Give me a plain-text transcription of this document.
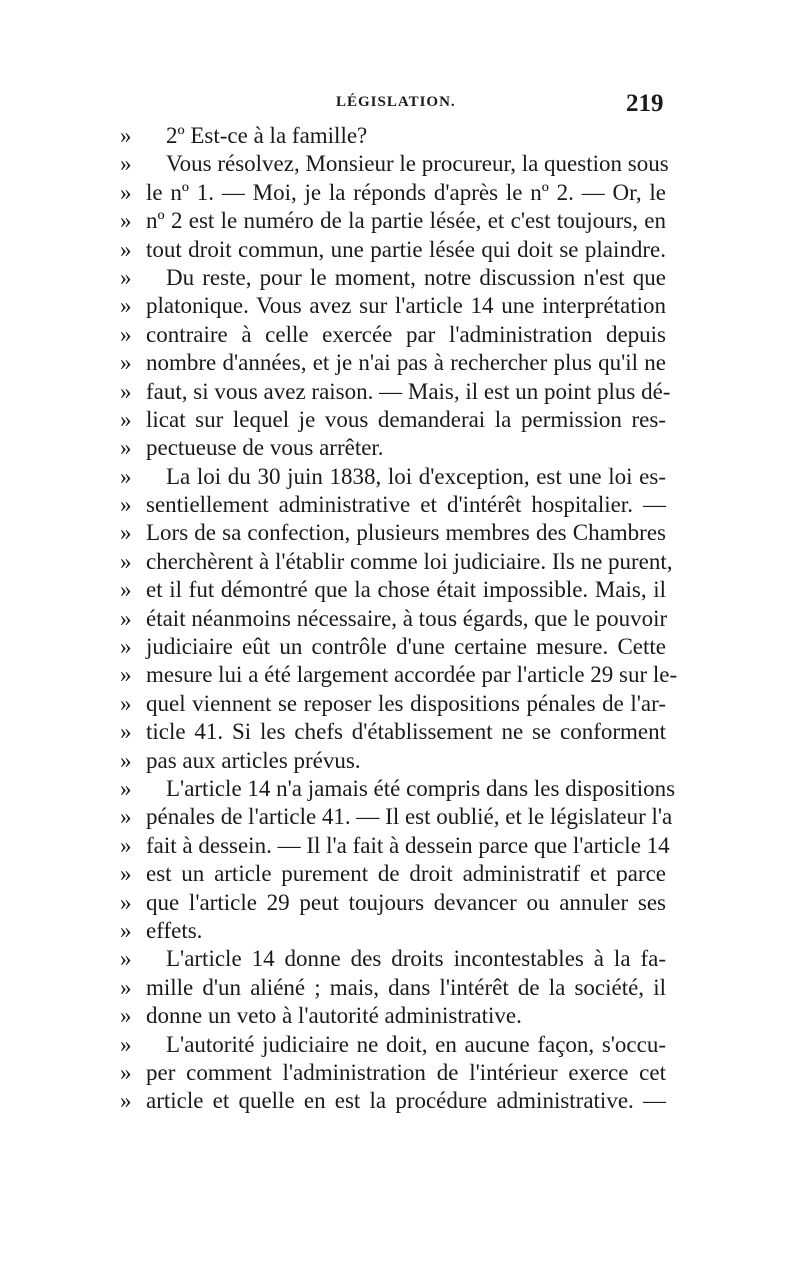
LÉGISLATION.	219
» 2º Est-ce à la famille?
» Vous résolvez, Monsieur le procureur, la question sous
» le nº 1. — Moi, je la réponds d'après le nº 2. — Or, le
» nº 2 est le numéro de la partie lésée, et c'est toujours, en
» tout droit commun, une partie lésée qui doit se plaindre.
» Du reste, pour le moment, notre discussion n'est que
» platonique. Vous avez sur l'article 14 une interprétation
» contraire à celle exercée par l'administration depuis
» nombre d'années, et je n'ai pas à rechercher plus qu'il ne
» faut, si vous avez raison. — Mais, il est un point plus dé-
» licat sur lequel je vous demanderai la permission res-
» pectueuse de vous arrêter.
» La loi du 30 juin 1838, loi d'exception, est une loi es-
» sentiellement administrative et d'intérêt hospitalier. —
» Lors de sa confection, plusieurs membres des Chambres
» cherchèrent à l'établir comme loi judiciaire. Ils ne purent,
» et il fut démontré que la chose était impossible. Mais, il
» était néanmoins nécessaire, à tous égards, que le pouvoir
» judiciaire eût un contrôle d'une certaine mesure. Cette
» mesure lui a été largement accordée par l'article 29 sur le-
» quel viennent se reposer les dispositions pénales de l'ar-
» ticle 41. Si les chefs d'établissement ne se conforment
» pas aux articles prévus.
» L'article 14 n'a jamais été compris dans les dispositions
» pénales de l'article 41. — Il est oublié, et le législateur l'a
» fait à dessein. — Il l'a fait à dessein parce que l'article 14
» est un article purement de droit administratif et parce
» que l'article 29 peut toujours devancer ou annuler ses
» effets.
» L'article 14 donne des droits incontestables à la fa-
» mille d'un aliéné ; mais, dans l'intérêt de la société, il
» donne un veto à l'autorité administrative.
» L'autorité judiciaire ne doit, en aucune façon, s'occu-
» per comment l'administration de l'intérieur exerce cet
» article et quelle en est la procédure administrative. —
